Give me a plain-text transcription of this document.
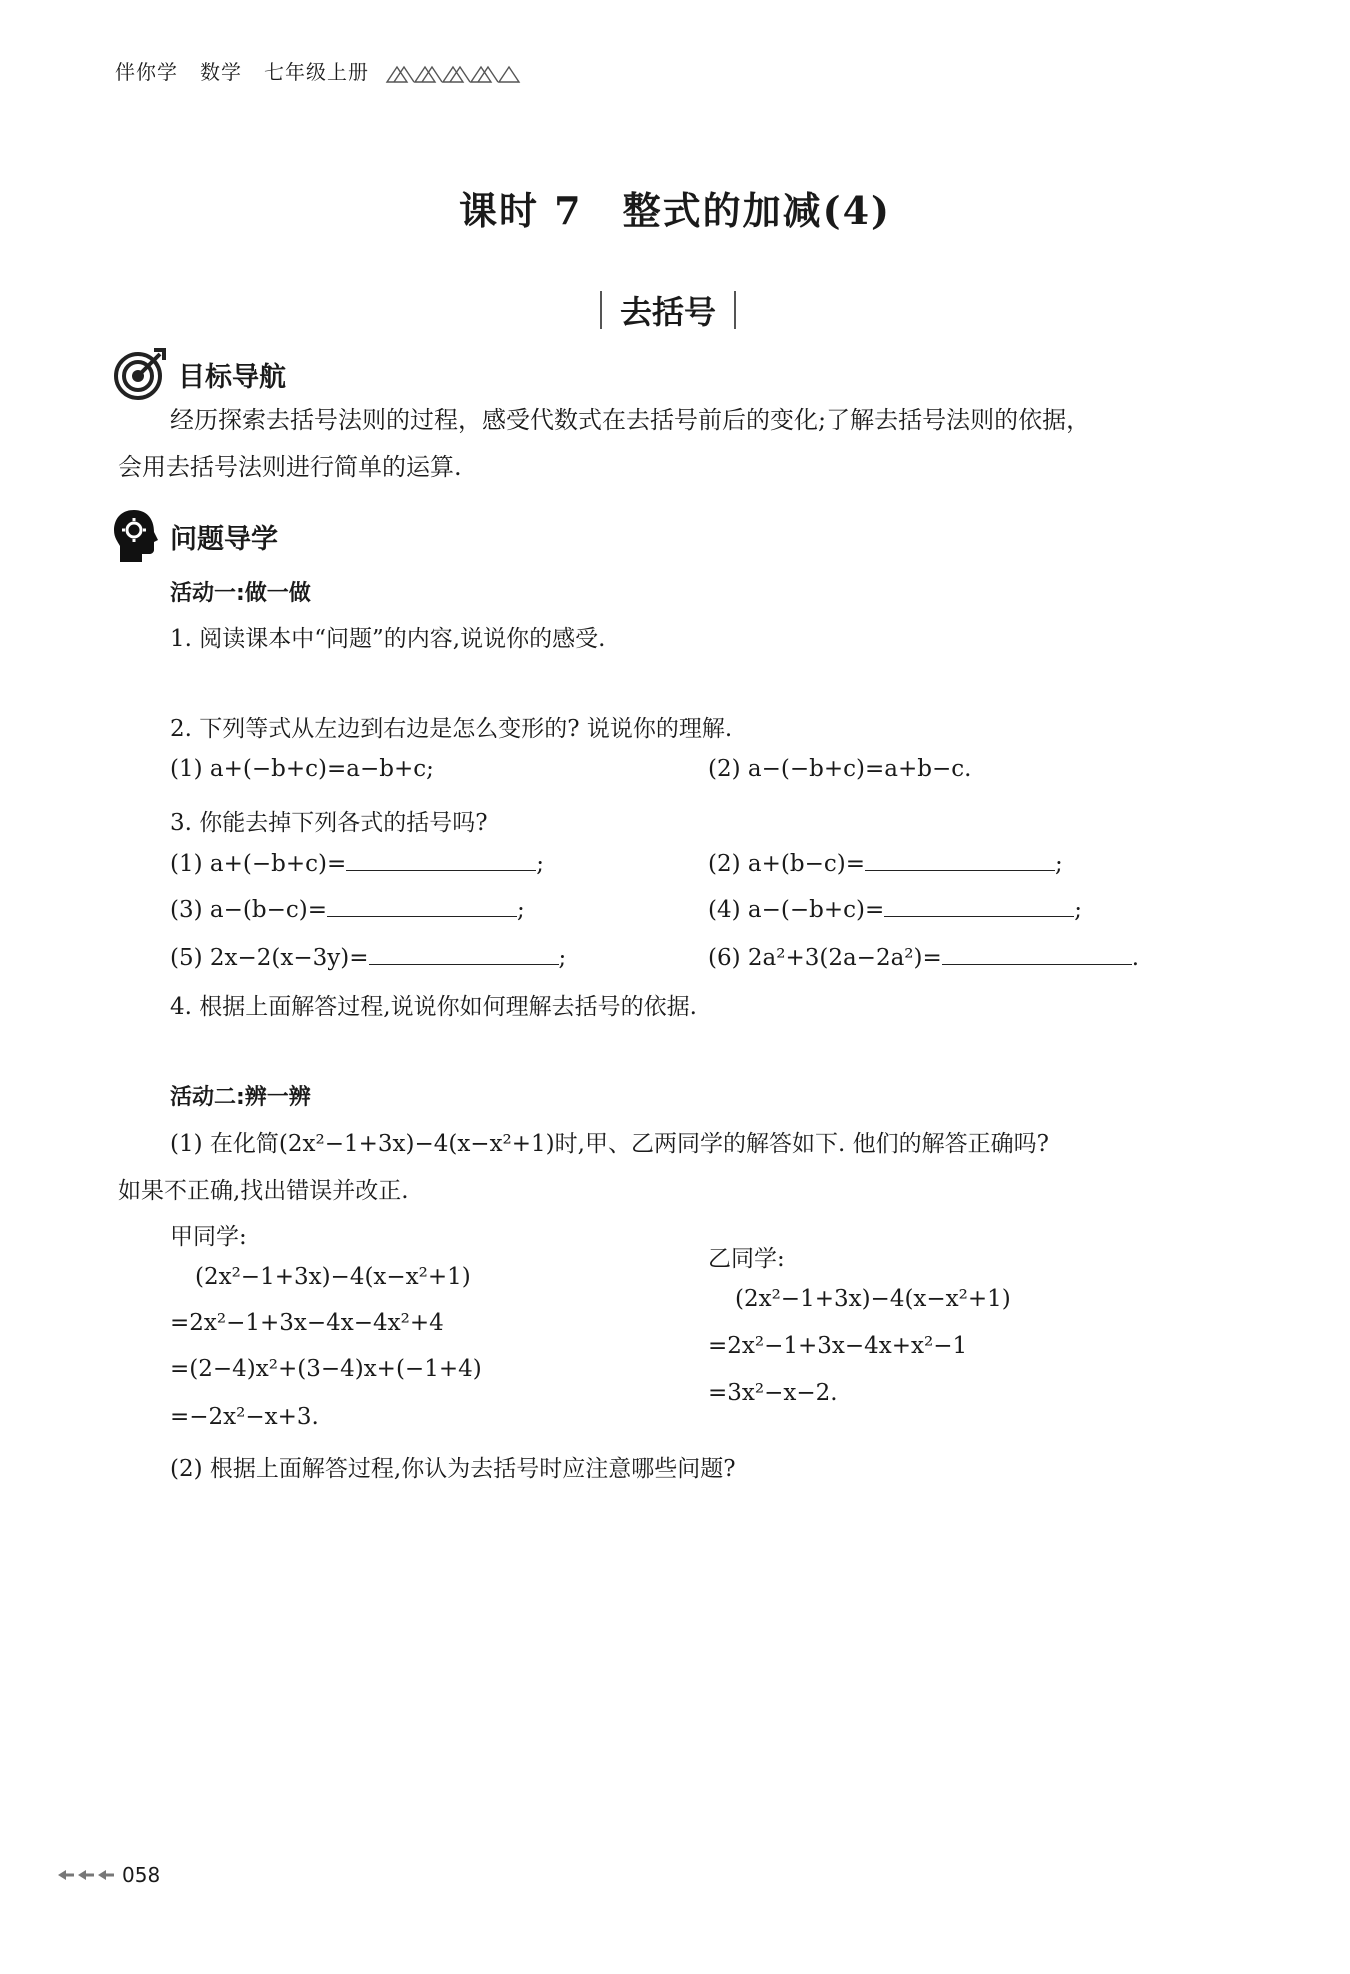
伴你学 数学 七年级上册
课时 7 整式的加减(4)
去括号
目标导航
经历探索去括号法则的过程，感受代数式在去括号前后的变化;了解去括号法则的依据，
会用去括号法则进行简单的运算.
问题导学
活动一:做一做
1. 阅读课本中“问题”的内容,说说你的感受.
2. 下列等式从左边到右边是怎么变形的? 说说你的理解.
(1) a+(−b+c)=a−b+c;	(2) a−(−b+c)=a+b−c.
3. 你能去掉下列各式的括号吗?
(1) a+(−b+c)=	;	(2) a+(b−c)=	;
(3) a−(b−c)=	;	(4) a−(−b+c)=	;
(5) 2x−2(x−3y)=	;	(6) 2a²+3(2a−2a²)=	.
4. 根据上面解答过程,说说你如何理解去括号的依据.
活动二:辨一辨
(1) 在化简(2x²−1+3x)−4(x−x²+1)时,甲、乙两同学的解答如下. 他们的解答正确吗?
如果不正确,找出错误并改正.
甲同学:
(2x²−1+3x)−4(x−x²+1)
=2x²−1+3x−4x−4x²+4
=(2−4)x²+(3−4)x+(−1+4)
=−2x²−x+3.
乙同学:
(2x²−1+3x)−4(x−x²+1)
=2x²−1+3x−4x+x²−1
=3x²−x−2.
(2) 根据上面解答过程,你认为去括号时应注意哪些问题?
058
